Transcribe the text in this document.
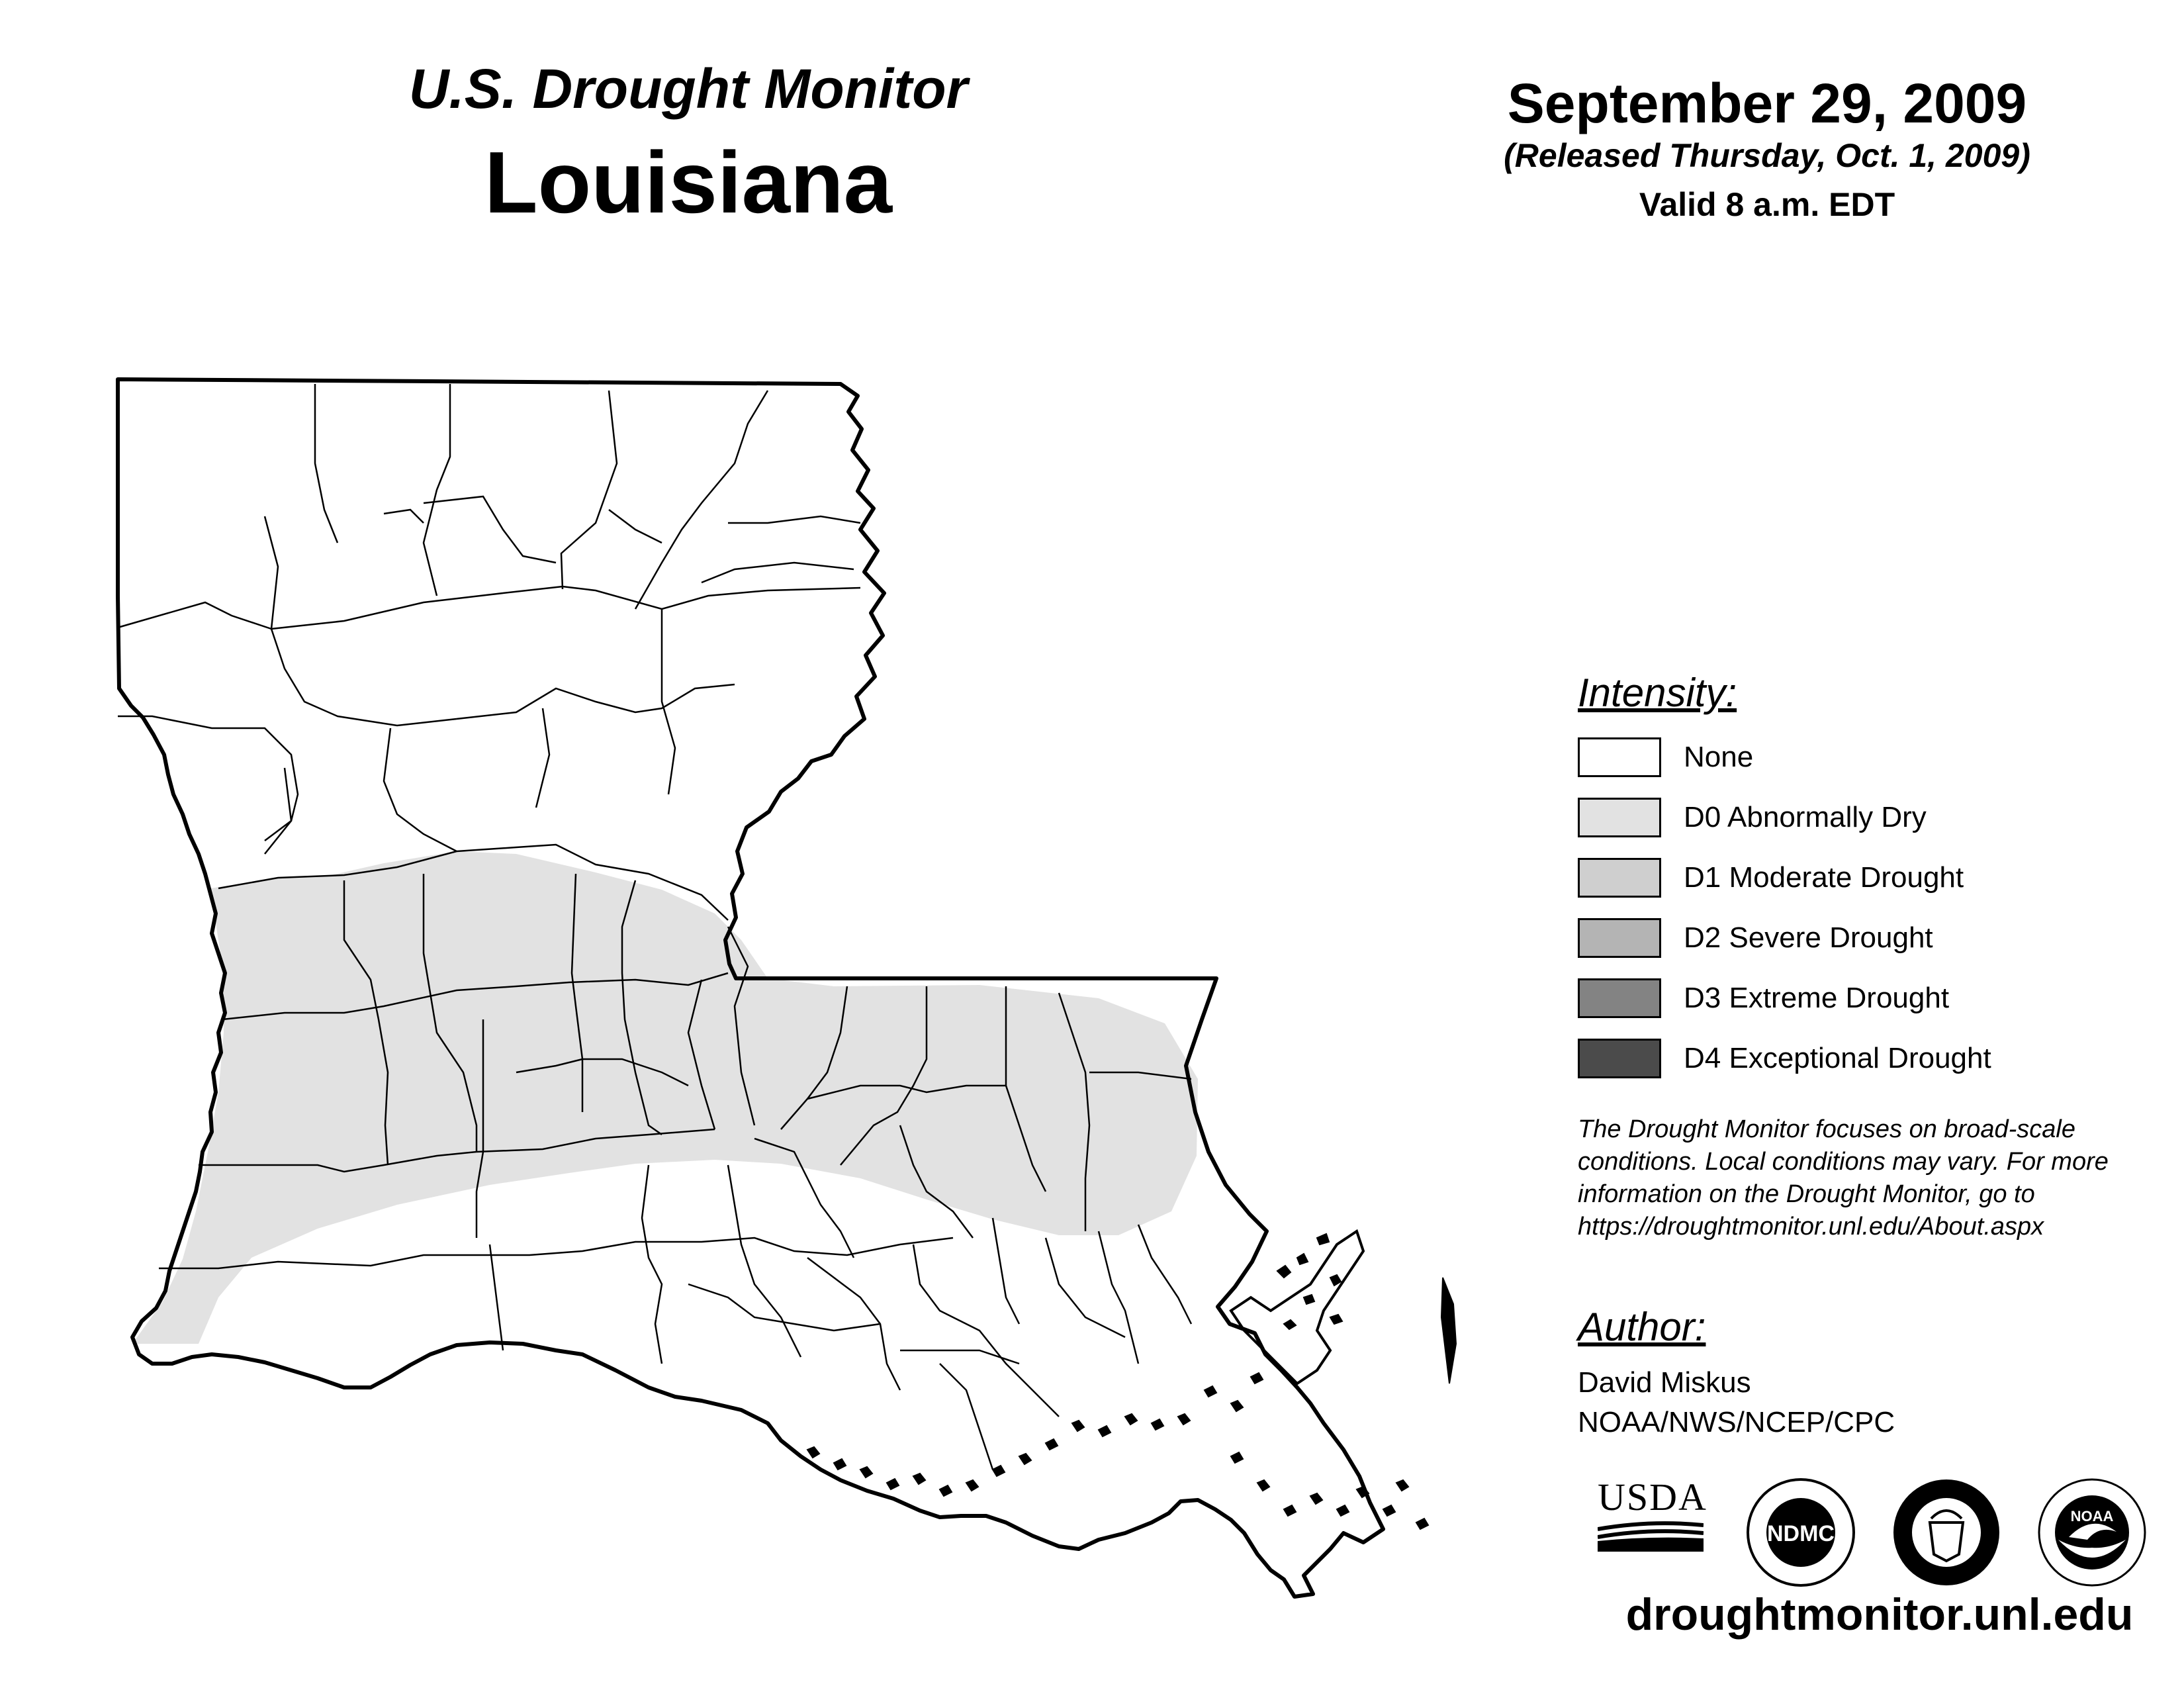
U.S. Drought Monitor
Louisiana
September 29, 2009
(Released Thursday, Oct. 1, 2009)
Valid 8 a.m. EDT
Intensity:
None
D0 Abnormally Dry
D1 Moderate Drought
D2 Severe Drought
D3 Extreme Drought
D4 Exceptional Drought
The Drought Monitor focuses on broad-scale
conditions. Local conditions may vary. For more
information on the Drought Monitor, go to
https://droughtmonitor.unl.edu/About.aspx
Author:
David Miskus
NOAA/NWS/NCEP/CPC
USDA
NDMC
NOAA
droughtmonitor.unl.edu
